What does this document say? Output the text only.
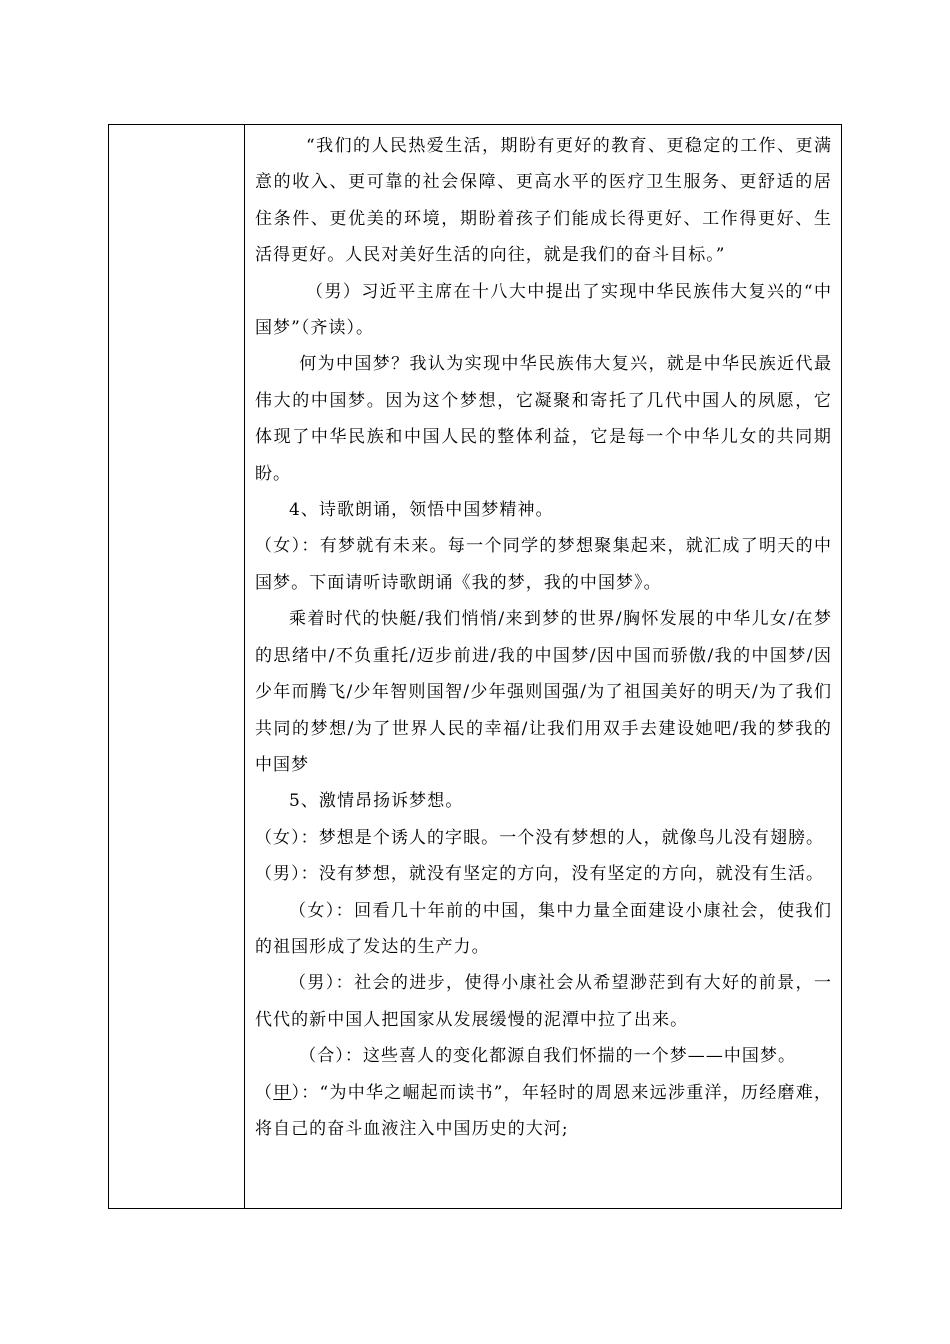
“我们的人民热爱生活，期盼有更好的教育、更稳定的工作、更满意的收入、更可靠的社会保障、更高水平的医疗卫生服务、更舒适的居住条件、更优美的环境，期盼着孩子们能成长得更好、工作得更好、生活得更好。人民对美好生活的向往，就是我们的奋斗目标。”

（男）习近平主席在十八大中提出了实现中华民族伟大复兴的“中国梦”（齐读）。

何为中国梦？我认为实现中华民族伟大复兴，就是中华民族近代最伟大的中国梦。因为这个梦想，它凝聚和寄托了几代中国人的夙愿，它体现了中华民族和中国人民的整体利益，它是每一个中华儿女的共同期盼。

4、诗歌朗诵，领悟中国梦精神。

（女）：有梦就有未来。每一个同学的梦想聚集起来，就汇成了明天的中国梦。下面请听诗歌朗诵《我的梦，我的中国梦》。

乘着时代的快艇/我们悄悄/来到梦的世界/胸怀发展的中华儿女/在梦的思绪中/不负重托/迈步前进/我的中国梦/因中国而骄傲/我的中国梦/因少年而腾飞/少年智则国智/少年强则国强/为了祖国美好的明天/为了我们共同的梦想/为了世界人民的幸福/让我们用双手去建设她吧/我的梦我的中国梦

5、激情昂扬诉梦想。

（女）：梦想是个诱人的字眼。一个没有梦想的人，就像鸟儿没有翅膀。

（男）：没有梦想，就没有坚定的方向，没有坚定的方向，就没有生活。

（女）：回看几十年前的中国，集中力量全面建设小康社会，使我们的祖国形成了发达的生产力。

（男）：社会的进步，使得小康社会从希望渺茫到有大好的前景，一代代的新中国人把国家从发展缓慢的泥潭中拉了出来。

（合）：这些喜人的变化都源自我们怀揣的一个梦——中国梦。

（甲）：“为中华之崛起而读书”，年轻时的周恩来远涉重洋，历经磨难，将自己的奋斗血液注入中国历史的大河;
